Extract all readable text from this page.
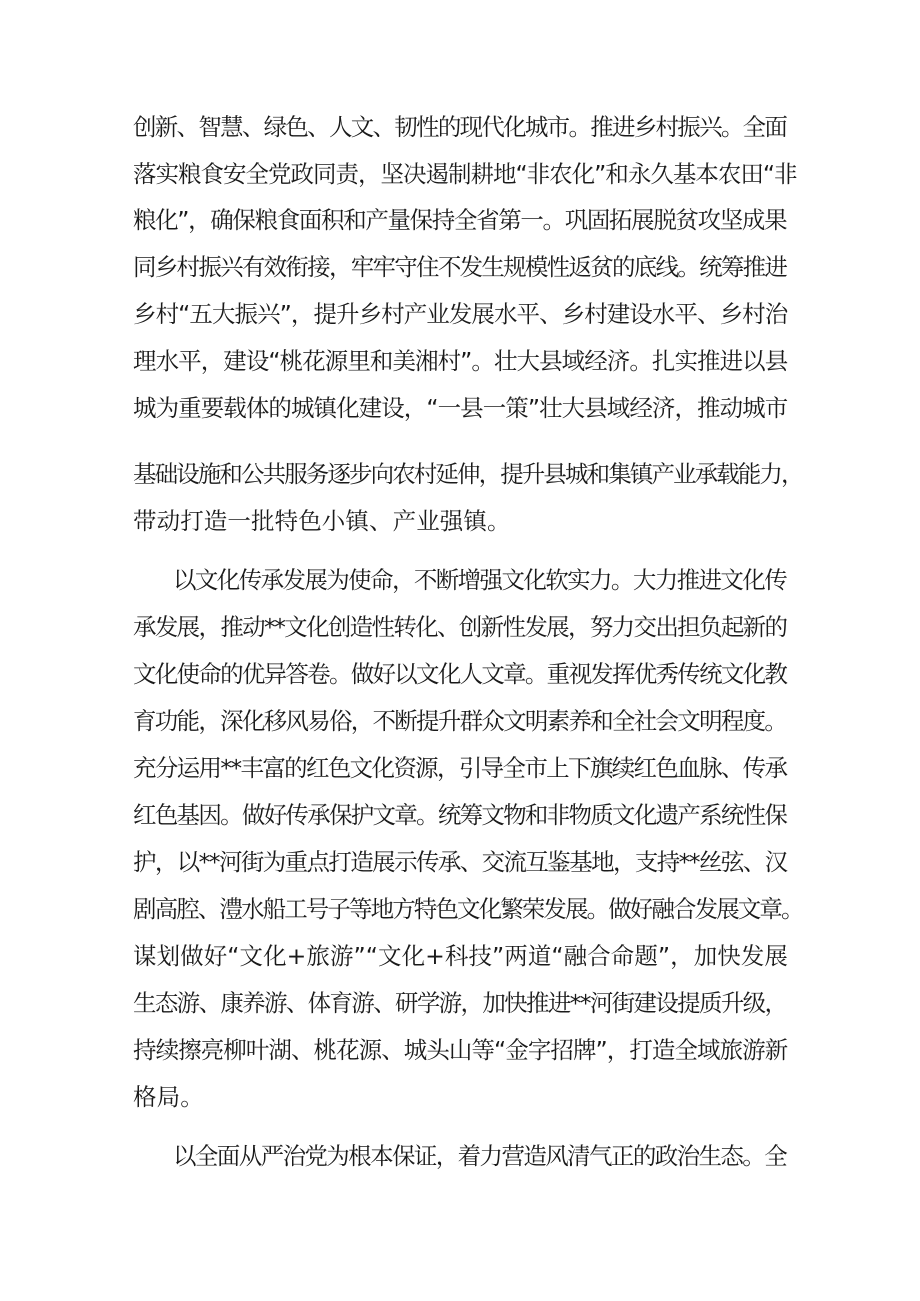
创新、智慧、绿色、人文、韧性的现代化城市。推进乡村振兴。全面

落实粮食安全党政同责，坚决遏制耕地“非农化”和永久基本农田“非

粮化”，确保粮食面积和产量保持全省第一。巩固拓展脱贫攻坚成果

同乡村振兴有效衔接，牢牢守住不发生规模性返贫的底线。统筹推进

乡村“五大振兴”，提升乡村产业发展水平、乡村建设水平、乡村治

理水平，建设“桃花源里和美湘村”。壮大县域经济。扎实推进以县

城为重要载体的城镇化建设，“一县一策”壮大县域经济，推动城市

基础设施和公共服务逐步向农村延伸，提升县城和集镇产业承载能力，

带动打造一批特色小镇、产业强镇。

以文化传承发展为使命，不断增强文化软实力。大力推进文化传

承发展，推动**文化创造性转化、创新性发展，努力交出担负起新的

文化使命的优异答卷。做好以文化人文章。重视发挥优秀传统文化教

育功能，深化移风易俗，不断提升群众文明素养和全社会文明程度。

充分运用**丰富的红色文化资源，引导全市上下旗续红色血脉、传承

红色基因。做好传承保护文章。统筹文物和非物质文化遗产系统性保

护，以**河街为重点打造展示传承、交流互鉴基地，支持**丝弦、汉

剧高腔、澧水船工号子等地方特色文化繁荣发展。做好融合发展文章。

谋划做好“文化+旅游”“文化+科技”两道“融合命题”，加快发展

生态游、康养游、体育游、研学游，加快推进**河街建设提质升级，

持续擦亮柳叶湖、桃花源、城头山等“金字招牌”，打造全域旅游新

格局。

以全面从严治党为根本保证，着力营造风清气正的政治生态。全
